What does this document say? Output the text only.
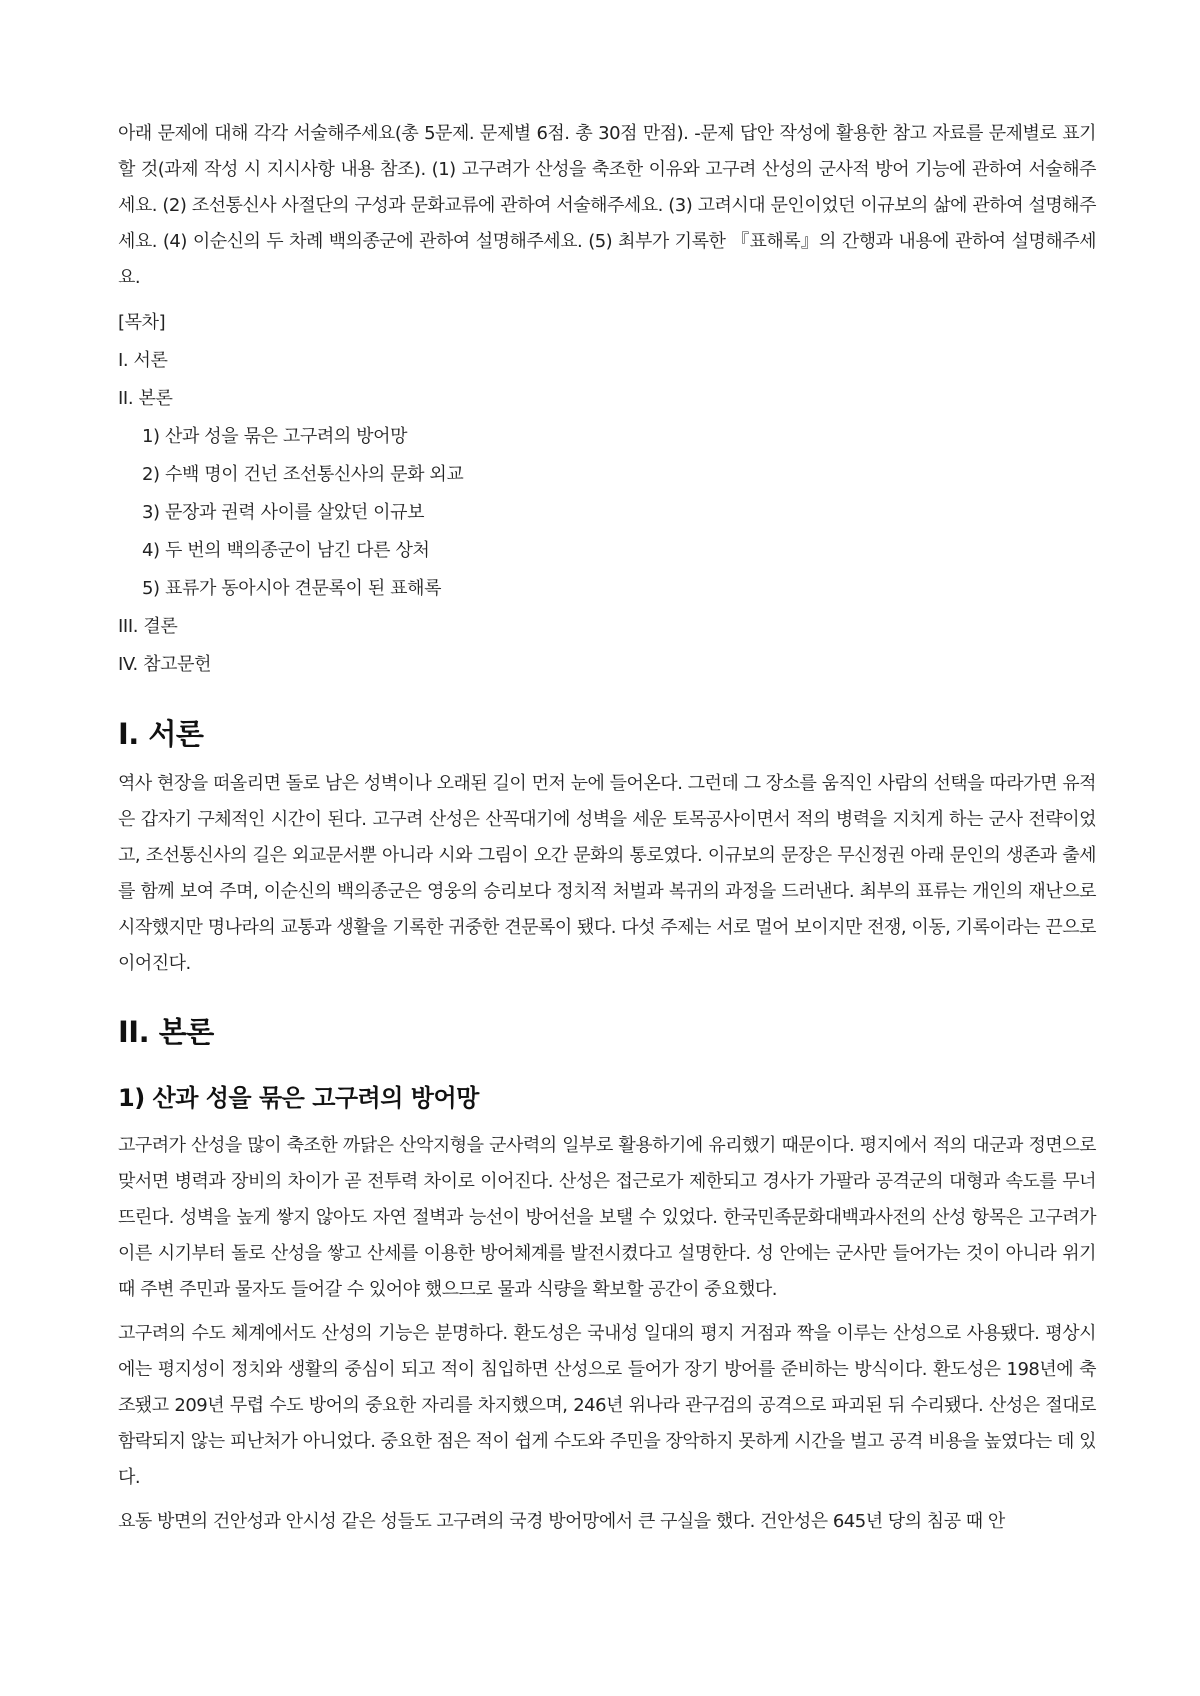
아래 문제에 대해 각각 서술해주세요(총 5문제. 문제별 6점. 총 30점 만점). -문제 답안 작성에 활용한 참고 자료를 문제별로 표기할 것(과제 작성 시 지시사항 내용 참조). (1) 고구려가 산성을 축조한 이유와 고구려 산성의 군사적 방어 기능에 관하여 서술해주세요. (2) 조선통신사 사절단의 구성과 문화교류에 관하여 서술해주세요. (3) 고려시대 문인이었던 이규보의 삶에 관하여 설명해주세요. (4) 이순신의 두 차례 백의종군에 관하여 설명해주세요. (5) 최부가 기록한 『표해록』의 간행과 내용에 관하여 설명해주세요.

[목차]
I. 서론
II. 본론
1) 산과 성을 묶은 고구려의 방어망
2) 수백 명이 건넌 조선통신사의 문화 외교
3) 문장과 권력 사이를 살았던 이규보
4) 두 번의 백의종군이 남긴 다른 상처
5) 표류가 동아시아 견문록이 된 표해록
III. 결론
IV. 참고문헌
I. 서론

역사 현장을 떠올리면 돌로 남은 성벽이나 오래된 길이 먼저 눈에 들어온다. 그런데 그 장소를 움직인 사람의 선택을 따라가면 유적은 갑자기 구체적인 시간이 된다. 고구려 산성은 산꼭대기에 성벽을 세운 토목공사이면서 적의 병력을 지치게 하는 군사 전략이었고, 조선통신사의 길은 외교문서뿐 아니라 시와 그림이 오간 문화의 통로였다. 이규보의 문장은 무신정권 아래 문인의 생존과 출세를 함께 보여 주며, 이순신의 백의종군은 영웅의 승리보다 정치적 처벌과 복귀의 과정을 드러낸다. 최부의 표류는 개인의 재난으로 시작했지만 명나라의 교통과 생활을 기록한 귀중한 견문록이 됐다. 다섯 주제는 서로 멀어 보이지만 전쟁, 이동, 기록이라는 끈으로 이어진다.

II. 본론
1) 산과 성을 묶은 고구려의 방어망

고구려가 산성을 많이 축조한 까닭은 산악지형을 군사력의 일부로 활용하기에 유리했기 때문이다. 평지에서 적의 대군과 정면으로 맞서면 병력과 장비의 차이가 곧 전투력 차이로 이어진다. 산성은 접근로가 제한되고 경사가 가팔라 공격군의 대형과 속도를 무너뜨린다. 성벽을 높게 쌓지 않아도 자연 절벽과 능선이 방어선을 보탤 수 있었다. 한국민족문화대백과사전의 산성 항목은 고구려가 이른 시기부터 돌로 산성을 쌓고 산세를 이용한 방어체계를 발전시켰다고 설명한다. 성 안에는 군사만 들어가는 것이 아니라 위기 때 주변 주민과 물자도 들어갈 수 있어야 했으므로 물과 식량을 확보할 공간이 중요했다.

고구려의 수도 체계에서도 산성의 기능은 분명하다. 환도성은 국내성 일대의 평지 거점과 짝을 이루는 산성으로 사용됐다. 평상시에는 평지성이 정치와 생활의 중심이 되고 적이 침입하면 산성으로 들어가 장기 방어를 준비하는 방식이다. 환도성은 198년에 축조됐고 209년 무렵 수도 방어의 중요한 자리를 차지했으며, 246년 위나라 관구검의 공격으로 파괴된 뒤 수리됐다. 산성은 절대로 함락되지 않는 피난처가 아니었다. 중요한 점은 적이 쉽게 수도와 주민을 장악하지 못하게 시간을 벌고 공격 비용을 높였다는 데 있다.

요동 방면의 건안성과 안시성 같은 성들도 고구려의 국경 방어망에서 큰 구실을 했다. 건안성은 645년 당의 침공 때 안
